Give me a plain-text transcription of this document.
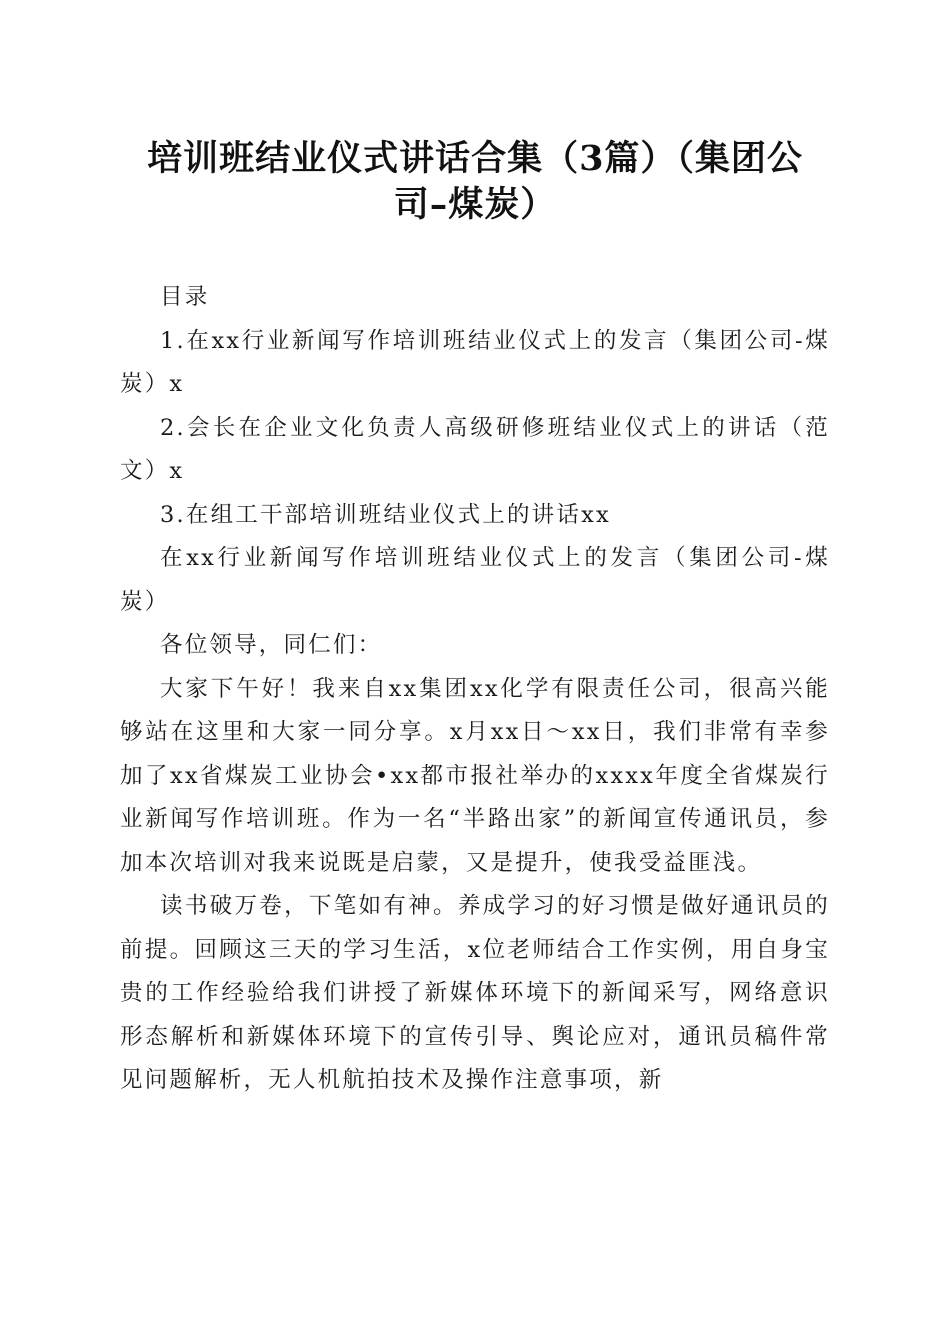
培训班结业仪式讲话合集（3篇）（集团公司–煤炭）

目录

1.在xx行业新闻写作培训班结业仪式上的发言（集团公司-煤炭）x

2.会长在企业文化负责人高级研修班结业仪式上的讲话（范文）x

3.在组工干部培训班结业仪式上的讲话xx

在xx行业新闻写作培训班结业仪式上的发言（集团公司-煤炭）

各位领导，同仁们：

大家下午好！我来自xx集团xx化学有限责任公司，很高兴能够站在这里和大家一同分享。x月xx日～xx日，我们非常有幸参加了xx省煤炭工业协会•xx都市报社举办的xxxx年度全省煤炭行业新闻写作培训班。作为一名“半路出家”的新闻宣传通讯员，参加本次培训对我来说既是启蒙，又是提升，使我受益匪浅。

读书破万卷，下笔如有神。养成学习的好习惯是做好通讯员的前提。回顾这三天的学习生活，x位老师结合工作实例，用自身宝贵的工作经验给我们讲授了新媒体环境下的新闻采写，网络意识形态解析和新媒体环境下的宣传引导、舆论应对，通讯员稿件常见问题解析，无人机航拍技术及操作注意事项，新
